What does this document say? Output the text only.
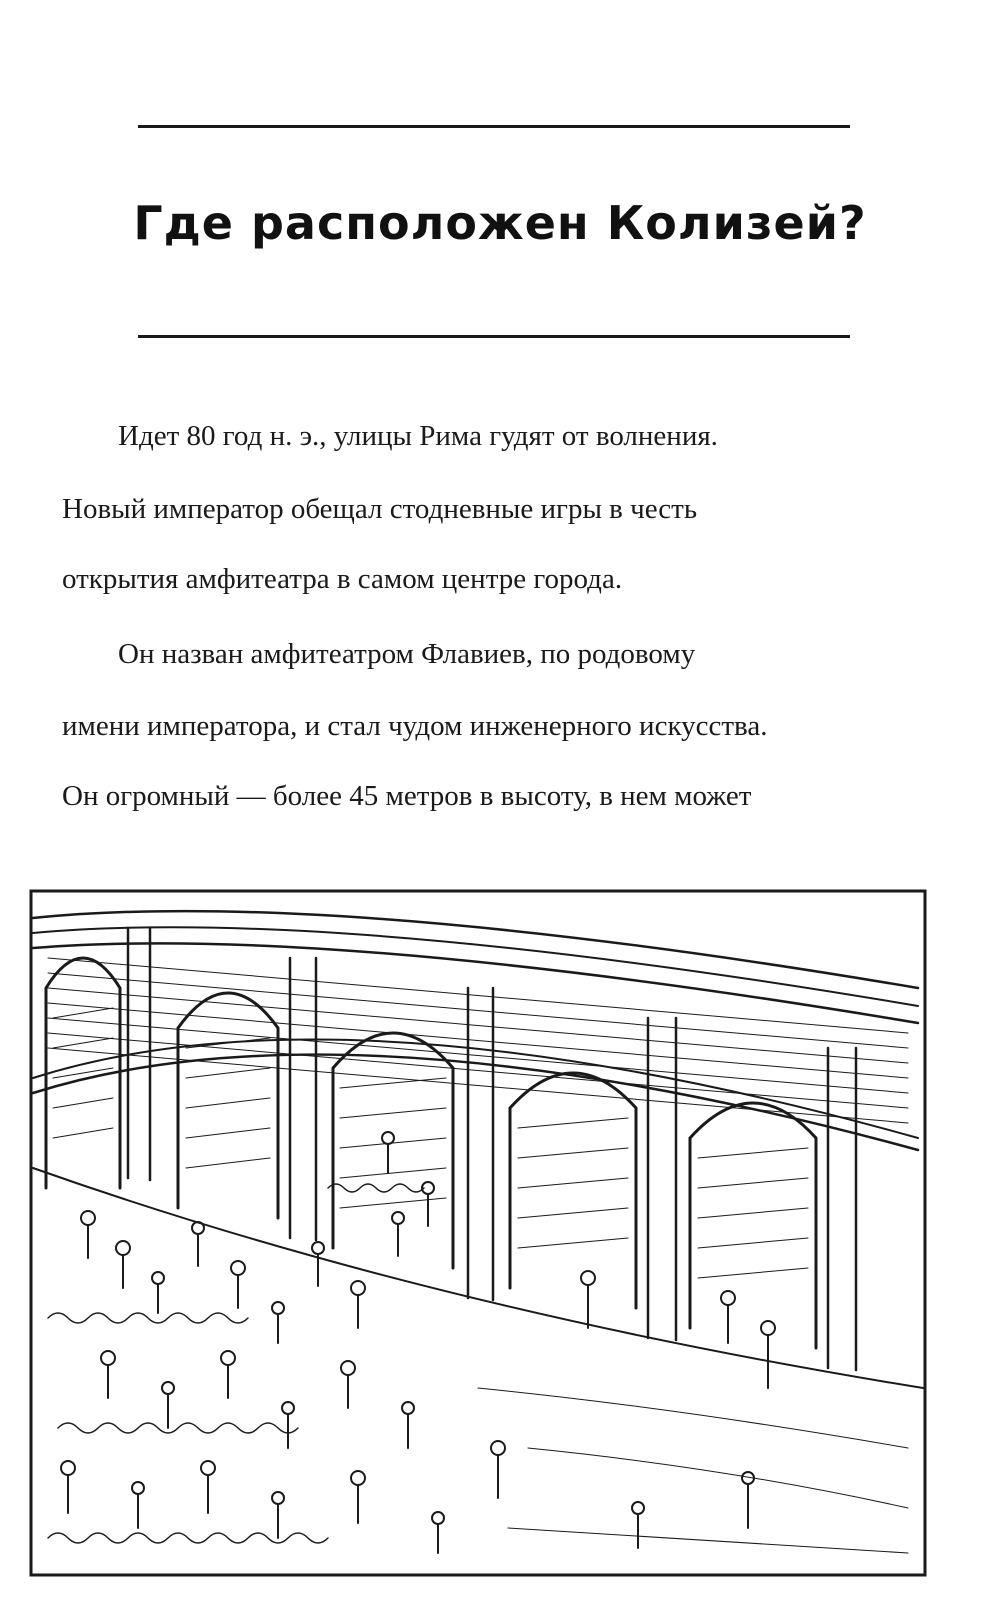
Где расположен Колизей?
Идет 80 год н. э., улицы Рима гудят от волнения.
Новый император обещал стодневные игры в честь
открытия амфитеатра в самом центре города.
Он назван амфитеатром Флавиев, по родовому
имени императора, и стал чудом инженерного искусства.
Он огромный — более 45 метров в высоту, в нем может
